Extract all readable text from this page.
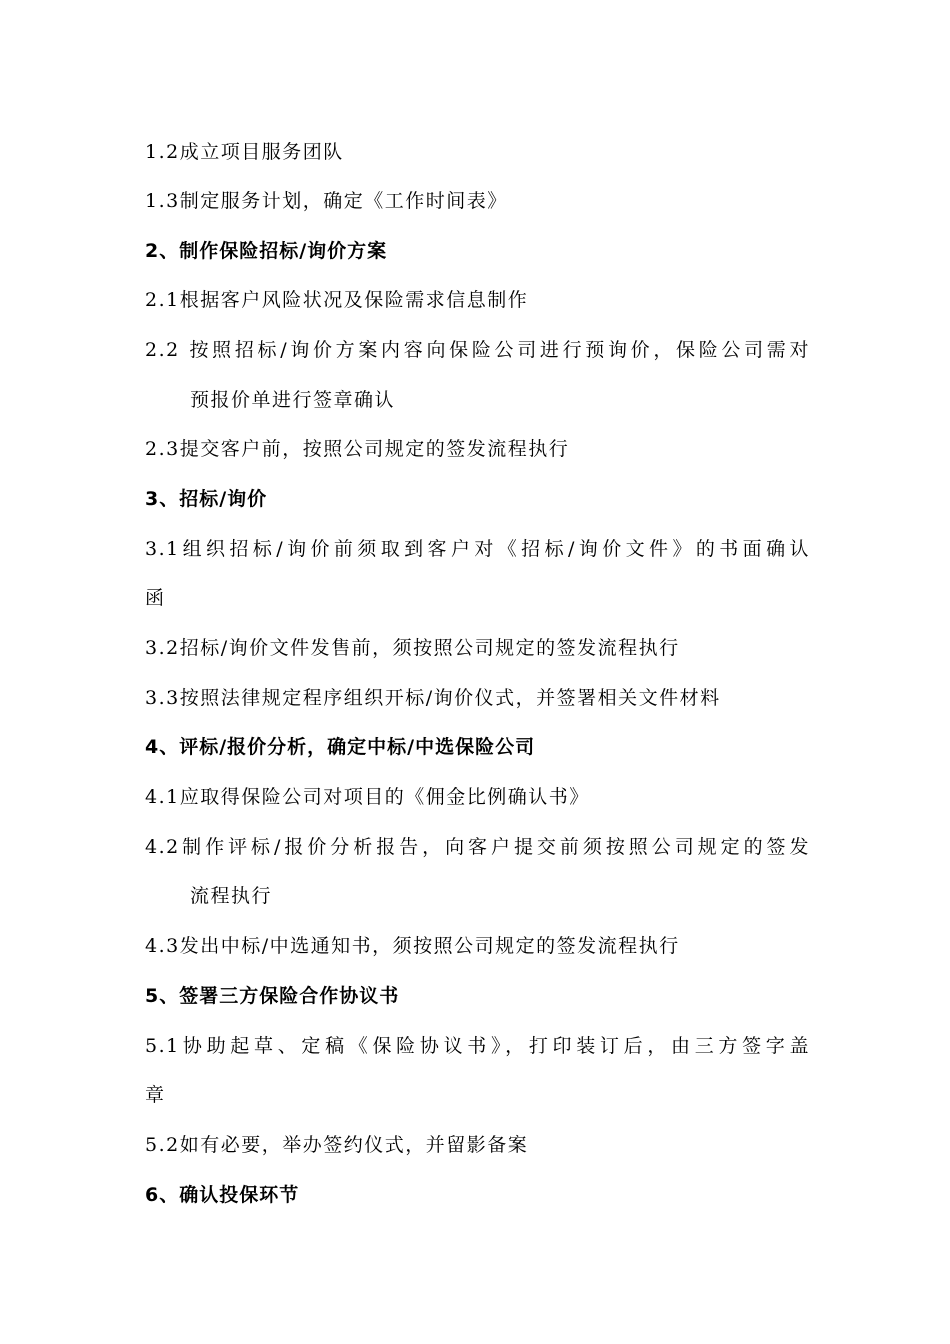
1.2成立项目服务团队
1.3制定服务计划，确定《工作时间表》
2、制作保险招标/询价方案
2.1根据客户风险状况及保险需求信息制作
2.2 按照招标/询价方案内容向保险公司进行预询价，保险公司需对
预报价单进行签章确认
2.3提交客户前，按照公司规定的签发流程执行
3、招标/询价
3.1组织招标/询价前须取到客户对《招标/询价文件》的书面确认
函
3.2招标/询价文件发售前，须按照公司规定的签发流程执行
3.3按照法律规定程序组织开标/询价仪式，并签署相关文件材料
4、评标/报价分析，确定中标/中选保险公司
4.1应取得保险公司对项目的《佣金比例确认书》
4.2制作评标/报价分析报告，向客户提交前须按照公司规定的签发
流程执行
4.3发出中标/中选通知书，须按照公司规定的签发流程执行
5、签署三方保险合作协议书
5.1协助起草、定稿《保险协议书》，打印装订后，由三方签字盖
章
5.2如有必要，举办签约仪式，并留影备案
6、确认投保环节
